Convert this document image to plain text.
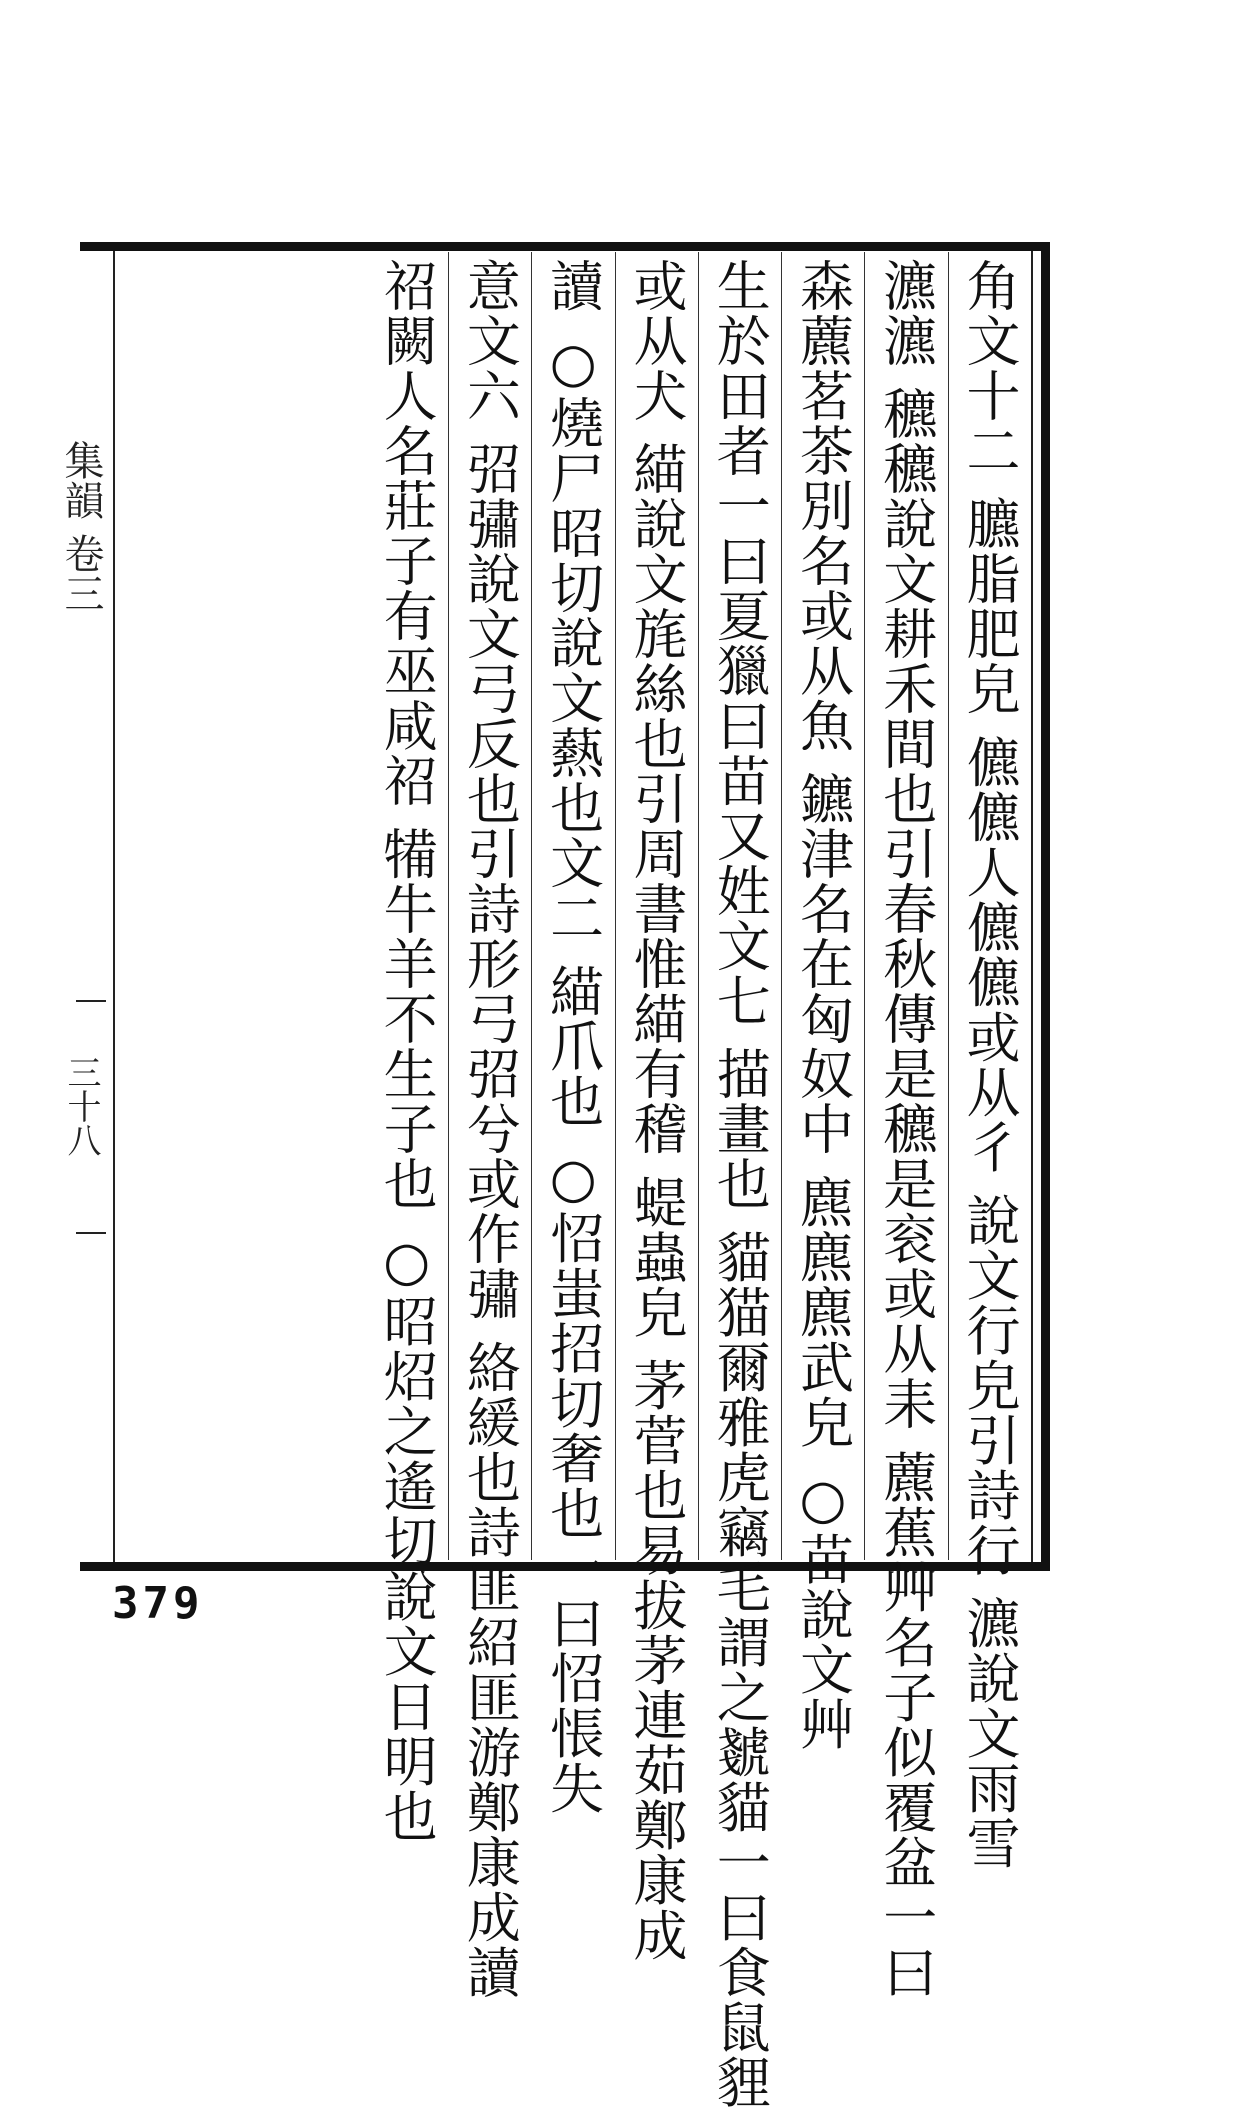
角文十二 臕脂肥皃 儦儦人儦儦或从彳 說文行皃引詩行 瀌說文雨雪
瀌瀌 穮穮說文耕禾間也引春秋傳是穮是衮或从耒 藨蕉艸名子似覆盆一曰
森藨茗茶別名或从魚 鑣津名在匈奴中 麃麃麃武皃 ○苗說文艸
生於田者一曰夏獵曰苗又姓文七 描畫也 貓猫爾雅虎竊毛謂之虦貓一曰食鼠貍
或从犬 緢說文旄絲也引周書惟緢有稽 蝭蟲皃 茅菅也易拔茅連茹鄭康成
讀 ○燒尸昭切說文爇也文二 緢爪也 ○怊蚩招切奢也一曰怊悵失
意文六 弨彇說文弓反也引詩形弓弨兮或作彇 絡緩也詩匪紹匪游鄭康成讀
祒闕人名莊子有巫咸祒 犕牛羊不生子也 ○昭炤之遙切說文日明也
集韻 卷三
三十八
379
